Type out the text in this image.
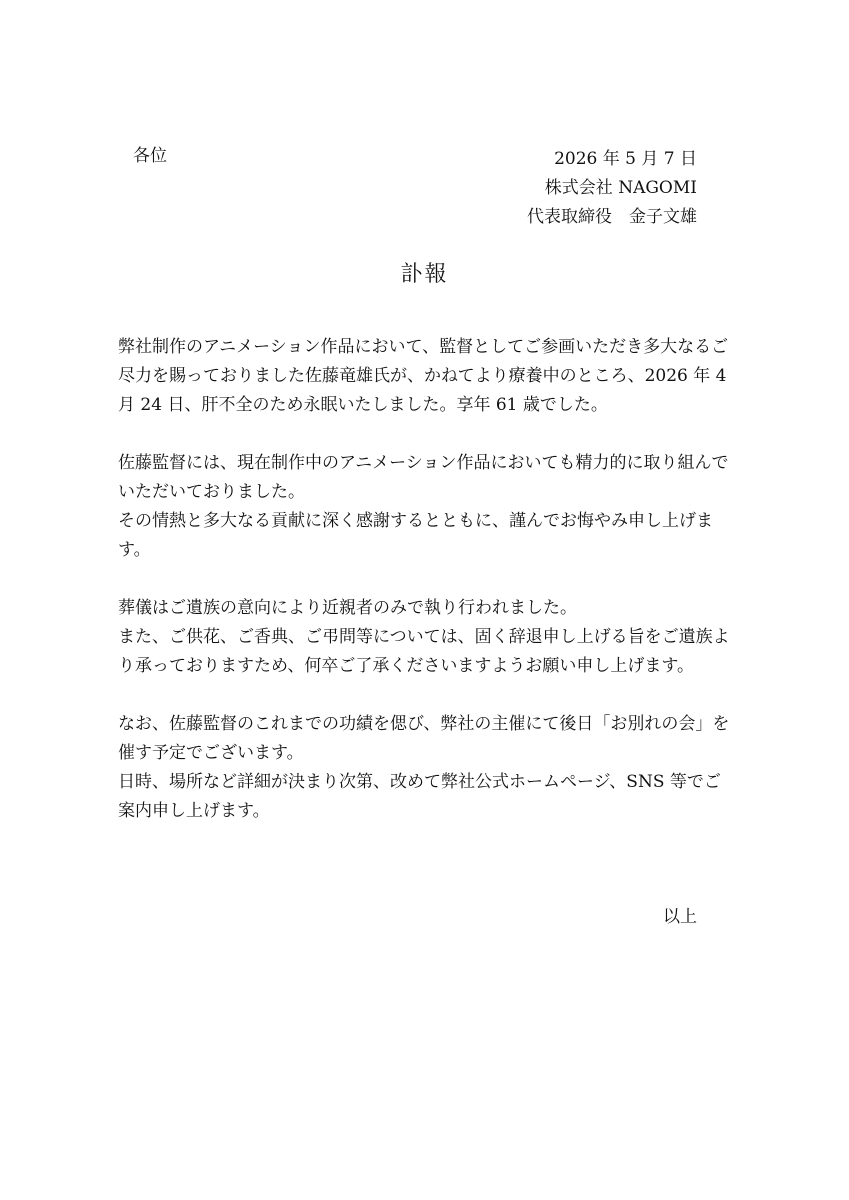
各位	2026 年 5 月 7 日
株式会社 NAGOMI
代表取締役　金子文雄
訃報

弊社制作のアニメーション作品において、監督としてご参画いただき多大なるご尽力を賜っておりました佐藤竜雄氏が、かねてより療養中のところ、2026 年 4 月 24 日、肝不全のため永眠いたしました。享年 61 歳でした。

佐藤監督には、現在制作中のアニメーション作品においても精力的に取り組んでいただいておりました。
その情熱と多大なる貢献に深く感謝するとともに、謹んでお悔やみ申し上げます。

葬儀はご遺族の意向により近親者のみで執り行われました。
また、ご供花、ご香典、ご弔問等については、固く辞退申し上げる旨をご遺族より承っておりますため、何卒ご了承くださいますようお願い申し上げます。

なお、佐藤監督のこれまでの功績を偲び、弊社の主催にて後日「お別れの会」を催す予定でございます。
日時、場所など詳細が決まり次第、改めて弊社公式ホームページ、SNS 等でご案内申し上げます。

以上
